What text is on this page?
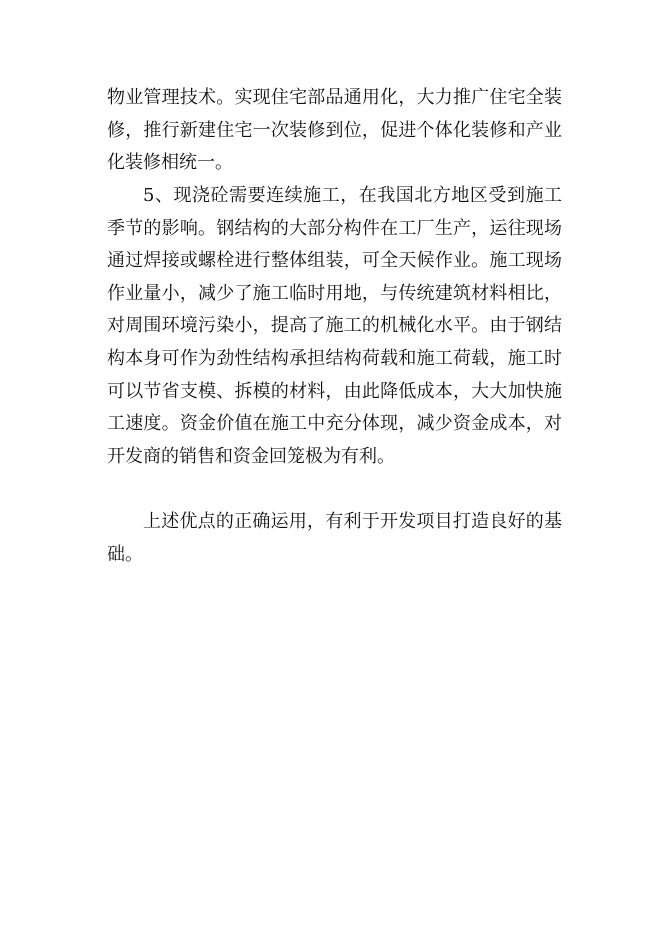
物业管理技术。实现住宅部品通用化，大力推广住宅全装
修，推行新建住宅一次装修到位，促进个体化装修和产业
化装修相统一。
5、现浇砼需要连续施工，在我国北方地区受到施工
季节的影响。钢结构的大部分构件在工厂生产，运往现场
通过焊接或螺栓进行整体组装，可全天候作业。施工现场
作业量小，减少了施工临时用地，与传统建筑材料相比，
对周围环境污染小，提高了施工的机械化水平。由于钢结
构本身可作为劲性结构承担结构荷载和施工荷载，施工时
可以节省支模、拆模的材料，由此降低成本，大大加快施
工速度。资金价值在施工中充分体现，减少资金成本，对
开发商的销售和资金回笼极为有利。
上述优点的正确运用，有利于开发项目打造良好的基
础。
